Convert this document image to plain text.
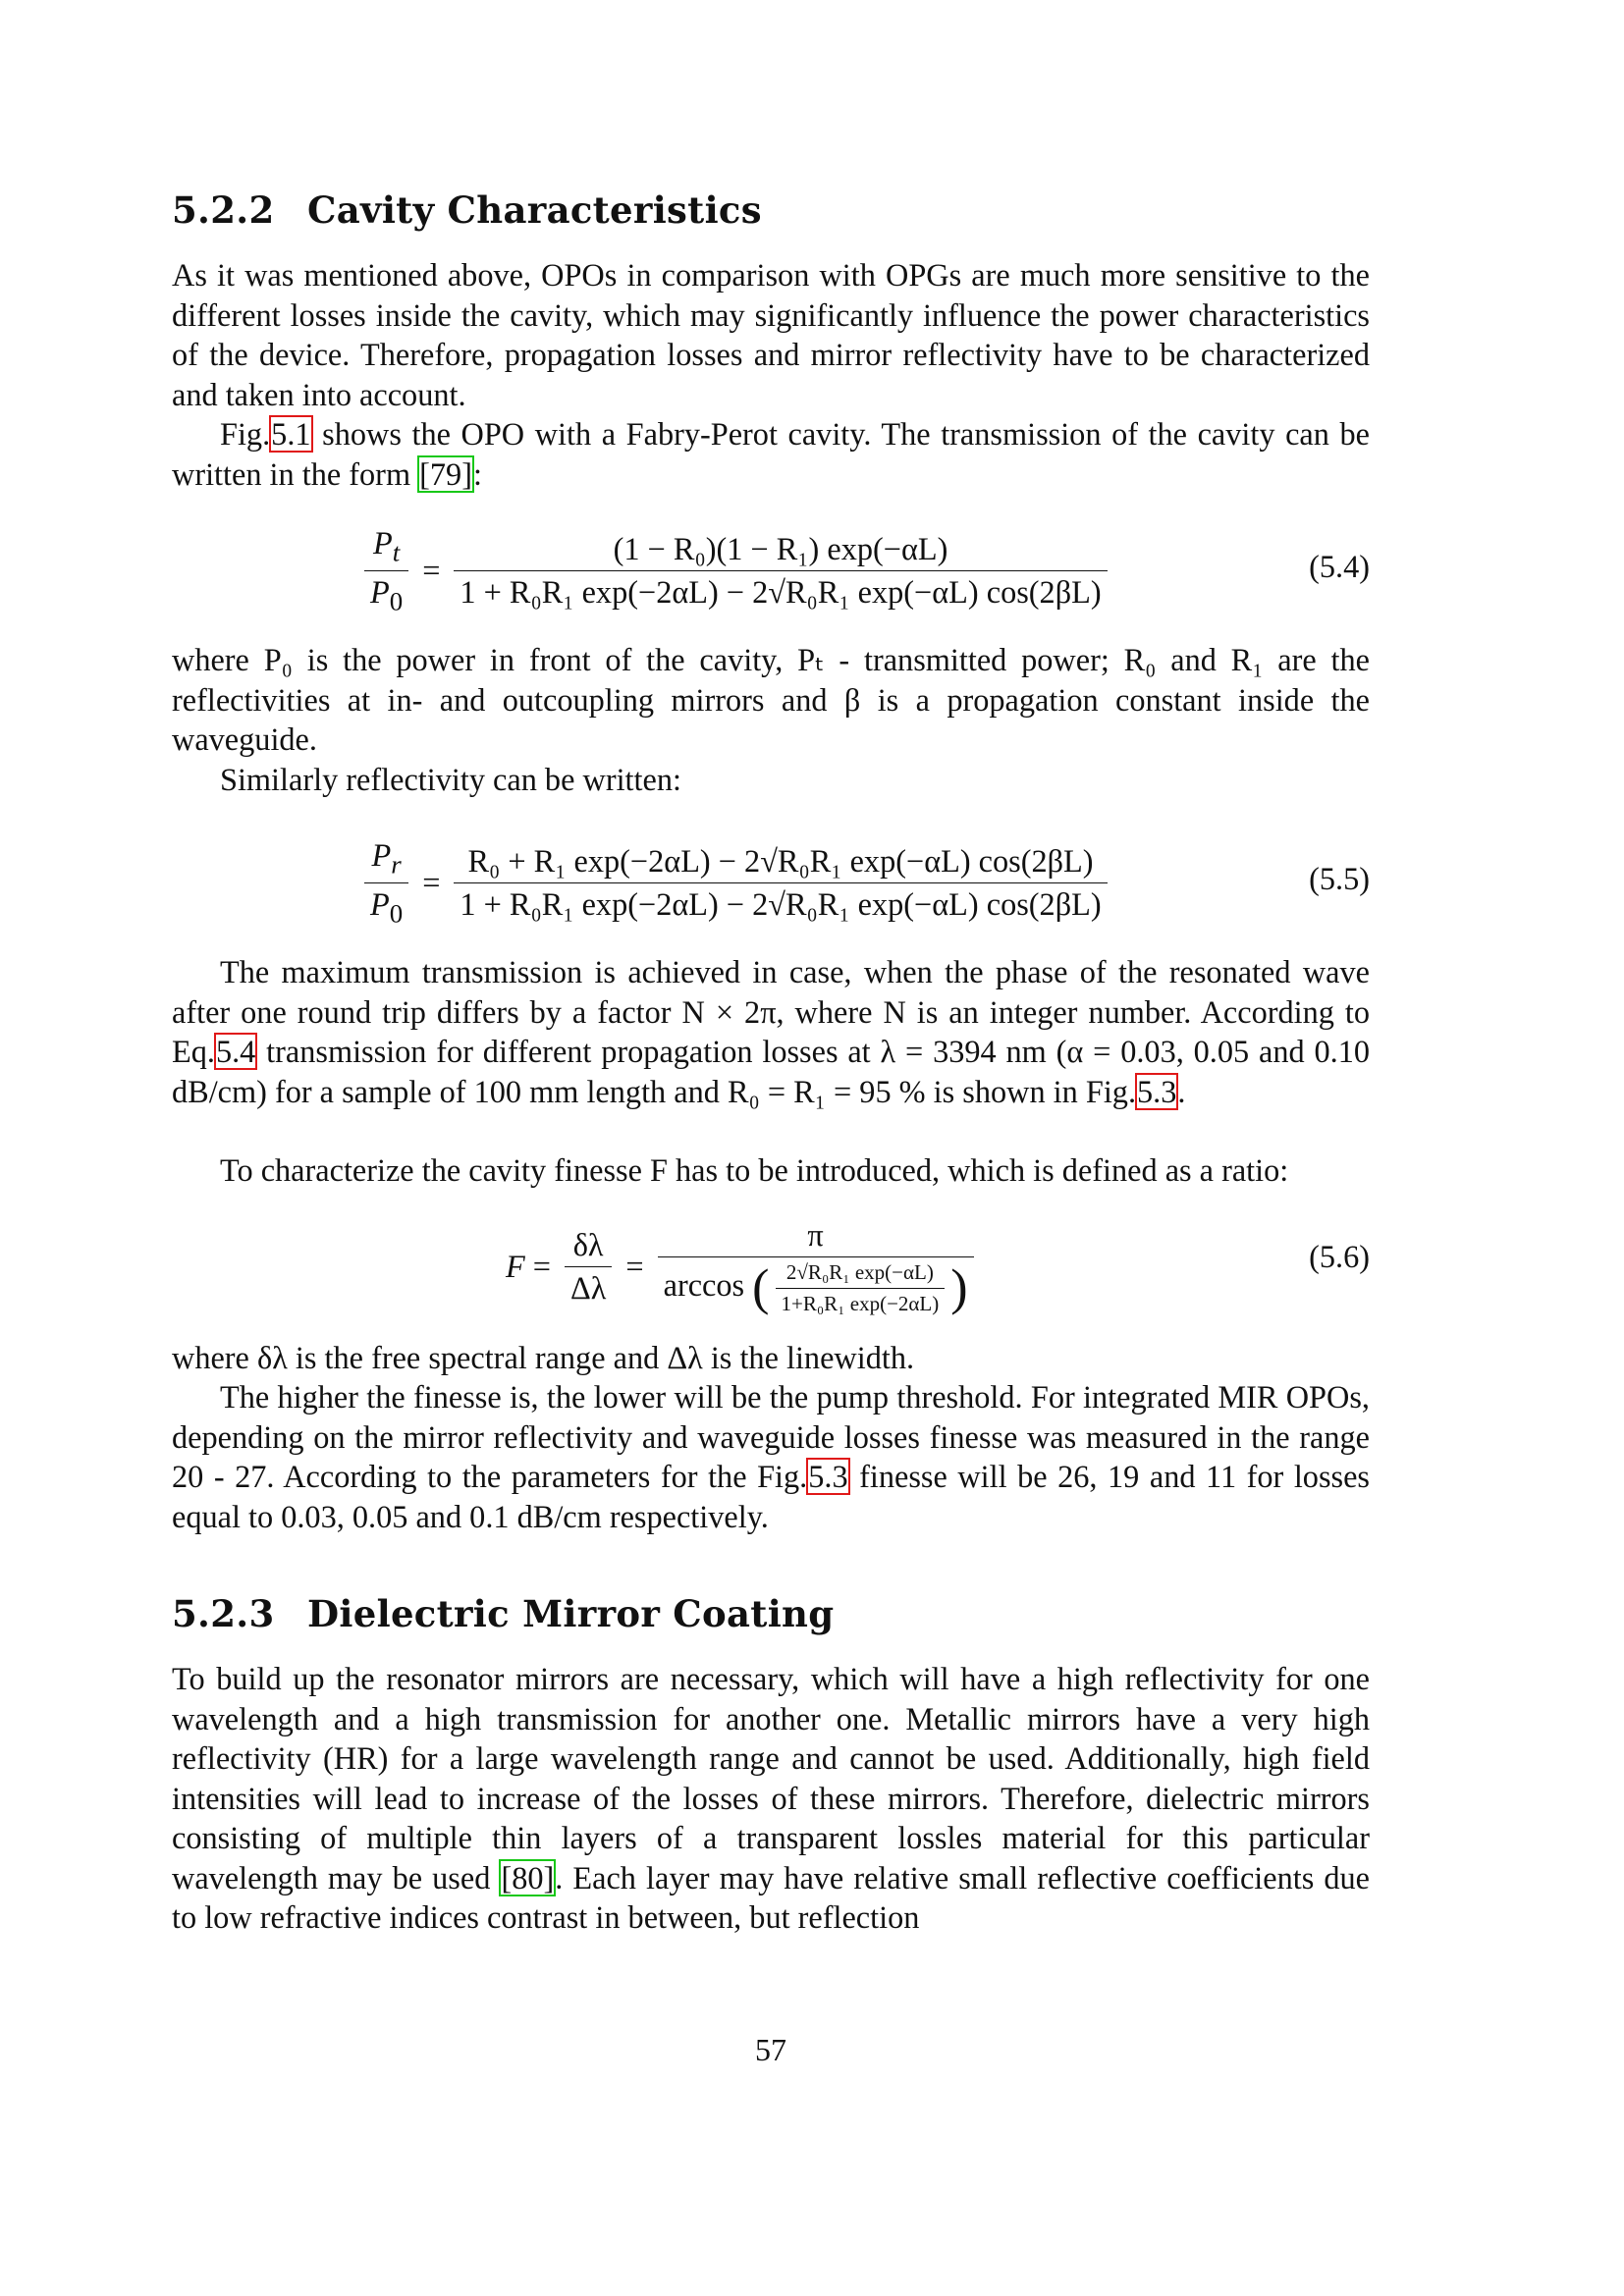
5.2.2 Cavity Characteristics

As it was mentioned above, OPOs in comparison with OPGs are much more sensitive to the different losses inside the cavity, which may significantly influence the power characteristics of the device. Therefore, propagation losses and mirror reflectivity have to be characterized and taken into account.

Fig.5.1 shows the OPO with a Fabry-Perot cavity. The transmission of the cavity can be written in the form [79]:

$\frac{P_t}{P_0} = \frac{\text{(1 − R₀)(1 − R₁) exp(−αL)}}{\text{1 + R₀R₁ exp(−2αL) − 2√R₀R₁ exp(−αL) cos(2βL)}}$	(5.4)

where P₀ is the power in front of the cavity, Pₜ - transmitted power; R₀ and R₁ are the reflectivities at in- and outcoupling mirrors and β is a propagation constant inside the waveguide.

Similarly reflectivity can be written:

$\frac{P_r}{P_0} = \frac{\text{R₀ + R₁ exp(−2αL) − 2√R₀R₁ exp(−αL) cos(2βL)}}{\text{1 + R₀R₁ exp(−2αL) − 2√R₀R₁ exp(−αL) cos(2βL)}}$	(5.5)

The maximum transmission is achieved in case, when the phase of the resonated wave after one round trip differs by a factor N × 2π, where N is an integer number. According to Eq.5.4 transmission for different propagation losses at λ = 3394 nm (α = 0.03, 0.05 and 0.10 dB/cm) for a sample of 100 mm length and R₀ = R₁ = 95 % is shown in Fig.5.3.

To characterize the cavity finesse F has to be introduced, which is defined as a ratio:

$F = \frac{\delta\lambda}{\Delta\lambda} = \frac{\pi}{\arccos ( \frac{\text{2√R₀R₁ exp(−αL)}}{\text{1+R₀R₁ exp(−2αL)}} )}$	(5.6)

where δλ is the free spectral range and Δλ is the linewidth.

The higher the finesse is, the lower will be the pump threshold. For integrated MIR OPOs, depending on the mirror reflectivity and waveguide losses finesse was measured in the range 20 - 27. According to the parameters for the Fig.5.3 finesse will be 26, 19 and 11 for losses equal to 0.03, 0.05 and 0.1 dB/cm respectively.

5.2.3 Dielectric Mirror Coating

To build up the resonator mirrors are necessary, which will have a high reflectivity for one wavelength and a high transmission for another one. Metallic mirrors have a very high reflectivity (HR) for a large wavelength range and cannot be used. Additionally, high field intensities will lead to increase of the losses of these mirrors. Therefore, dielectric mirrors consisting of multiple thin layers of a transparent lossles material for this particular wavelength may be used [80]. Each layer may have relative small reflective coefficients due to low refractive indices contrast in between, but reflection

57
